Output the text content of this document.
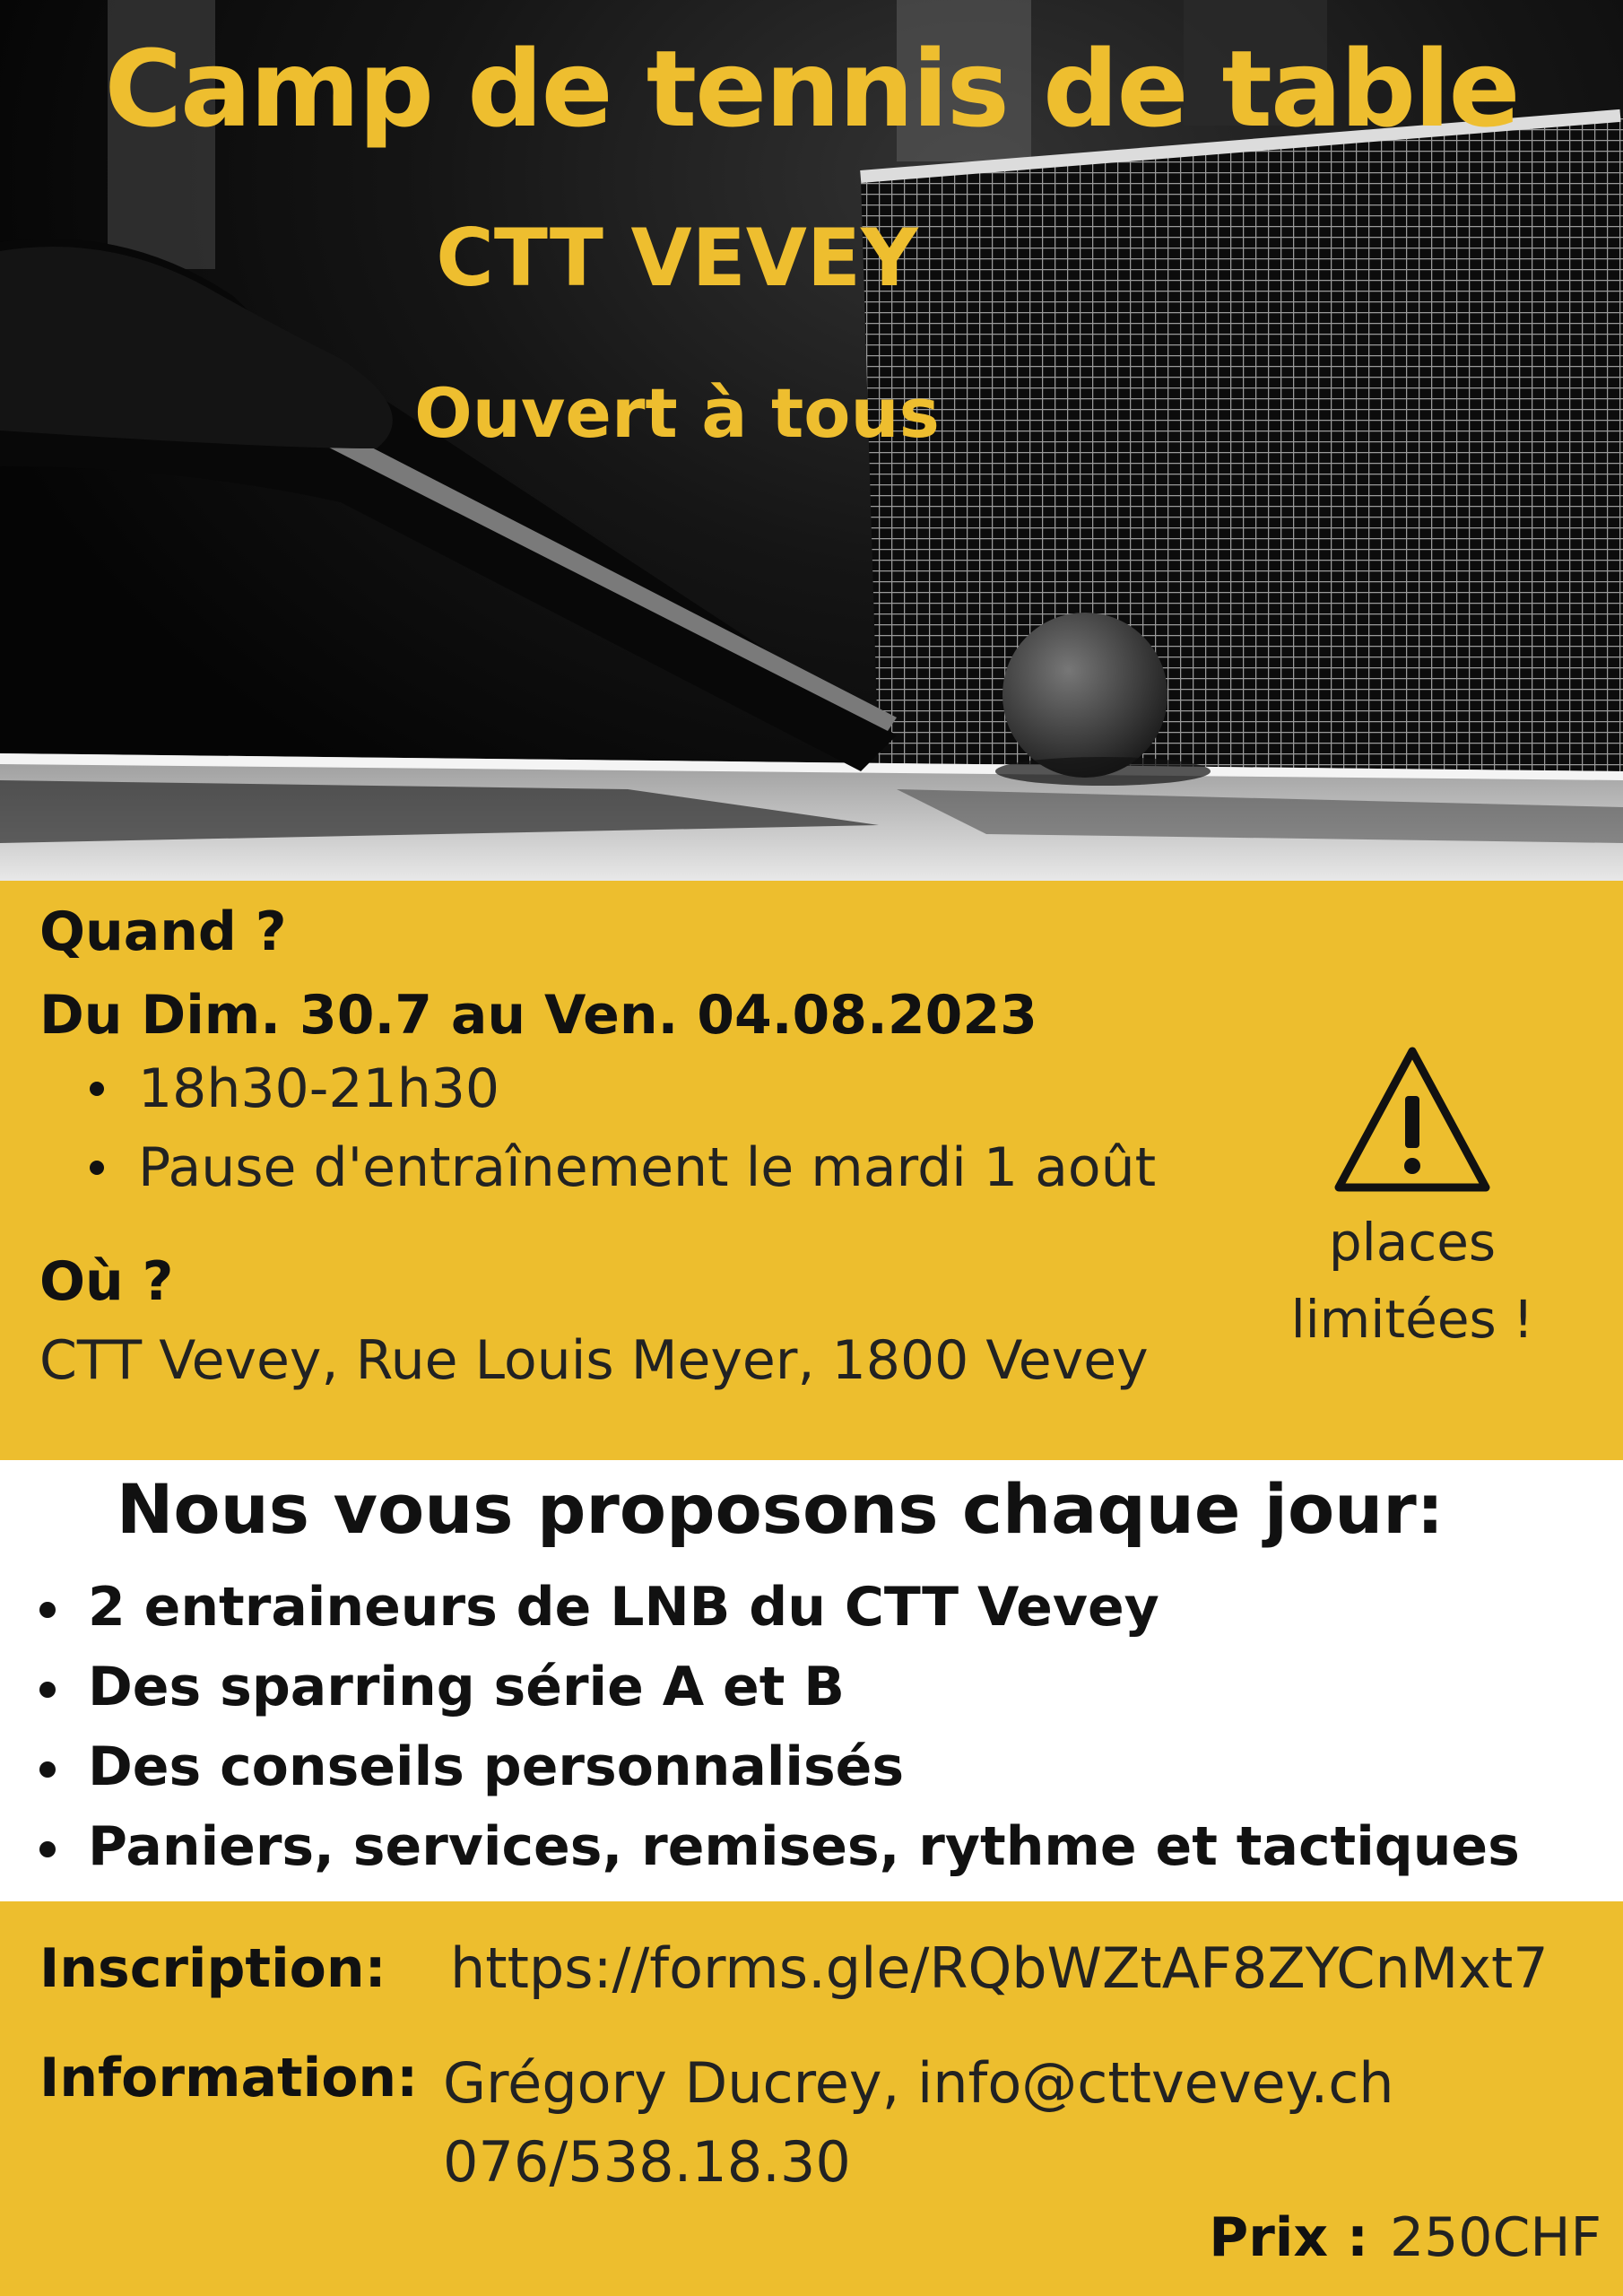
Camp de tennis de table
CTT VEVEY
Ouvert à tous
Quand ?
Du Dim. 30.7 au Ven. 04.08.2023
18h30-21h30
Pause d'entraînement le mardi 1 août
Où ?
CTT Vevey, Rue Louis Meyer, 1800 Vevey
places
limitées !
Nous vous proposons chaque jour:
2 entraineurs de LNB du CTT Vevey
Des sparring série A et B
Des conseils personnalisés
Paniers, services, remises, rythme et tactiques
Inscription: https://forms.gle/RQbWZtAF8ZYCnMxt7
Information: Grégory Ducrey, info@cttvevey.ch
076/538.18.30
Prix : 250CHF
